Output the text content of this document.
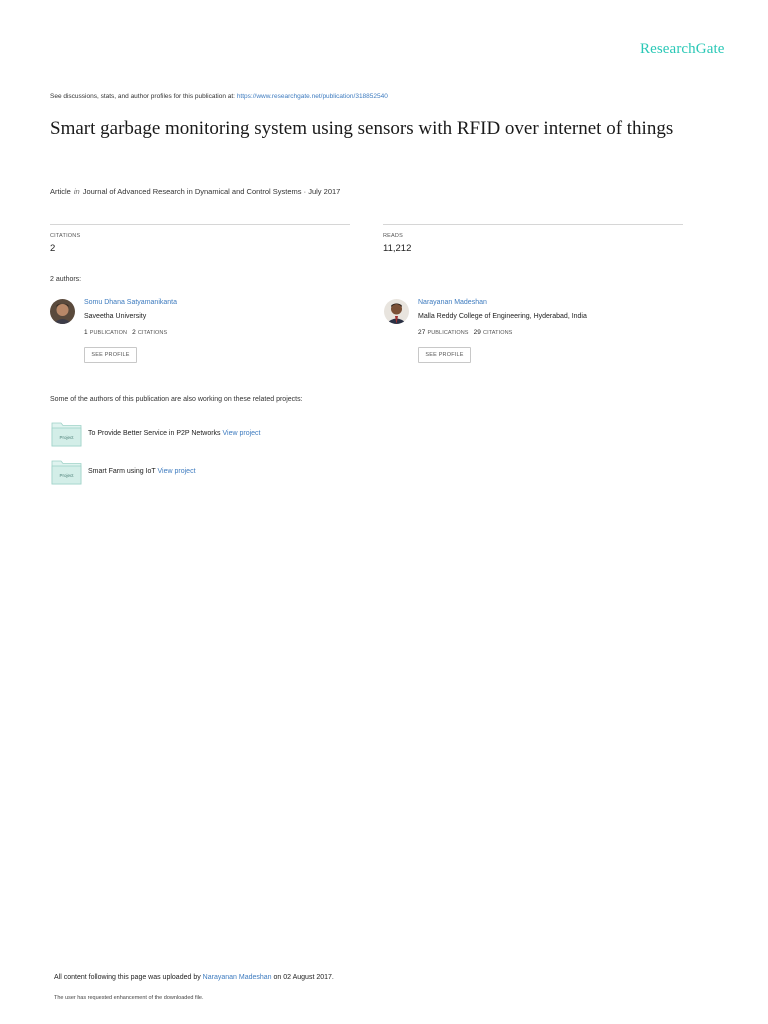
ResearchGate
See discussions, stats, and author profiles for this publication at: https://www.researchgate.net/publication/318852540
Smart garbage monitoring system using sensors with RFID over internet of things
Article in Journal of Advanced Research in Dynamical and Control Systems · July 2017
CITATIONS
2
READS
11,212
2 authors:
Somu Dhana Satyamanikanta
Saveetha University
1 PUBLICATION 2 CITATIONS
SEE PROFILE
Narayanan Madeshan
Malla Reddy College of Engineering, Hyderabad, India
27 PUBLICATIONS 29 CITATIONS
SEE PROFILE
Some of the authors of this publication are also working on these related projects:
Project
To Provide Better Service in P2P Networks View project
Project
Smart Farm using IoT View project
All content following this page was uploaded by Narayanan Madeshan on 02 August 2017.
The user has requested enhancement of the downloaded file.
